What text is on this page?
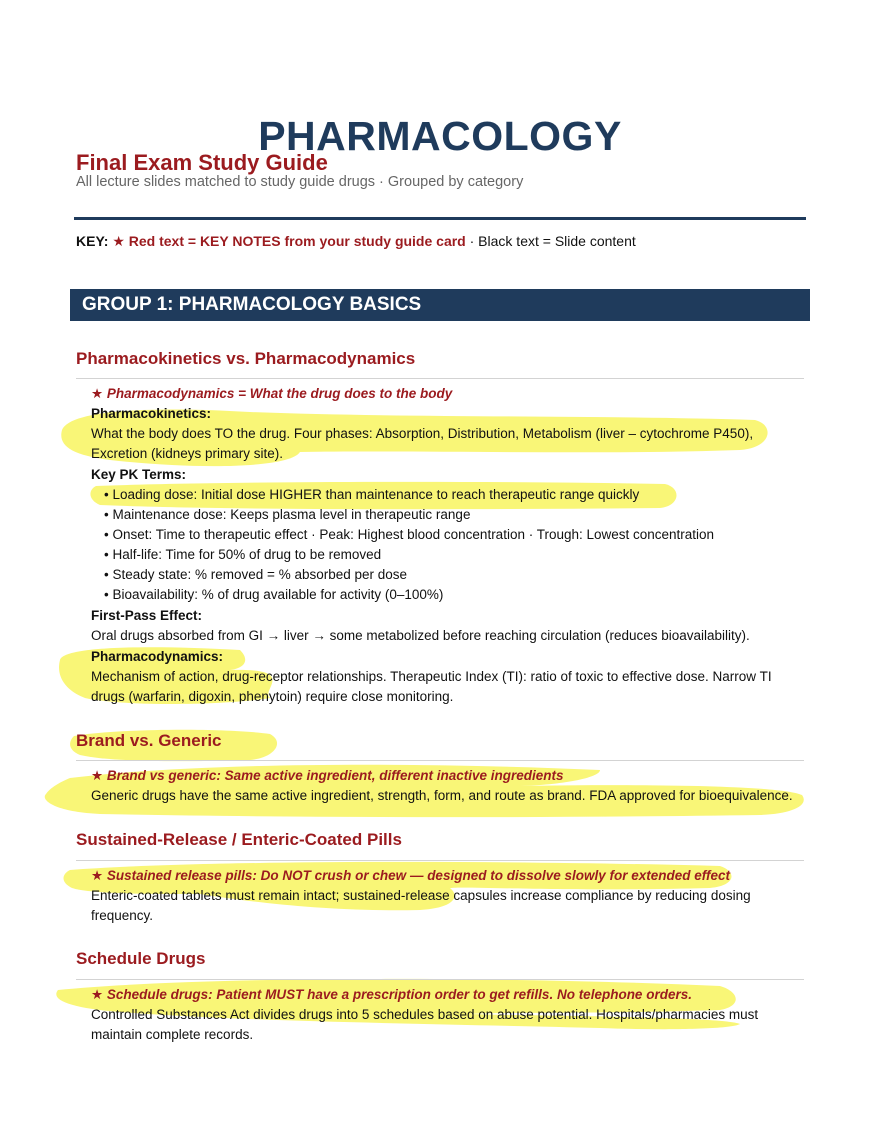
PHARMACOLOGY
Final Exam Study Guide
All lecture slides matched to study guide drugs · Grouped by category
KEY: ★ Red text = KEY NOTES from your study guide card · Black text = Slide content
GROUP 1: PHARMACOLOGY BASICS
Pharmacokinetics vs. Pharmacodynamics
★ Pharmacodynamics = What the drug does to the body
Pharmacokinetics:
What the body does TO the drug. Four phases: Absorption, Distribution, Metabolism (liver – cytochrome P450), Excretion (kidneys primary site).
Key PK Terms:
• Loading dose: Initial dose HIGHER than maintenance to reach therapeutic range quickly
• Maintenance dose: Keeps plasma level in therapeutic range
• Onset: Time to therapeutic effect · Peak: Highest blood concentration · Trough: Lowest concentration
• Half-life: Time for 50% of drug to be removed
• Steady state: % removed = % absorbed per dose
• Bioavailability: % of drug available for activity (0–100%)
First-Pass Effect:
Oral drugs absorbed from GI → liver → some metabolized before reaching circulation (reduces bioavailability).
Pharmacodynamics:
Mechanism of action, drug-receptor relationships. Therapeutic Index (TI): ratio of toxic to effective dose. Narrow TI drugs (warfarin, digoxin, phenytoin) require close monitoring.
Brand vs. Generic
★ Brand vs generic: Same active ingredient, different inactive ingredients
Generic drugs have the same active ingredient, strength, form, and route as brand. FDA approved for bioequivalence.
Sustained-Release / Enteric-Coated Pills
★ Sustained release pills: Do NOT crush or chew — designed to dissolve slowly for extended effect
Enteric-coated tablets must remain intact; sustained-release capsules increase compliance by reducing dosing frequency.
Schedule Drugs
★ Schedule drugs: Patient MUST have a prescription order to get refills. No telephone orders.
Controlled Substances Act divides drugs into 5 schedules based on abuse potential. Hospitals/pharmacies must maintain complete records.
